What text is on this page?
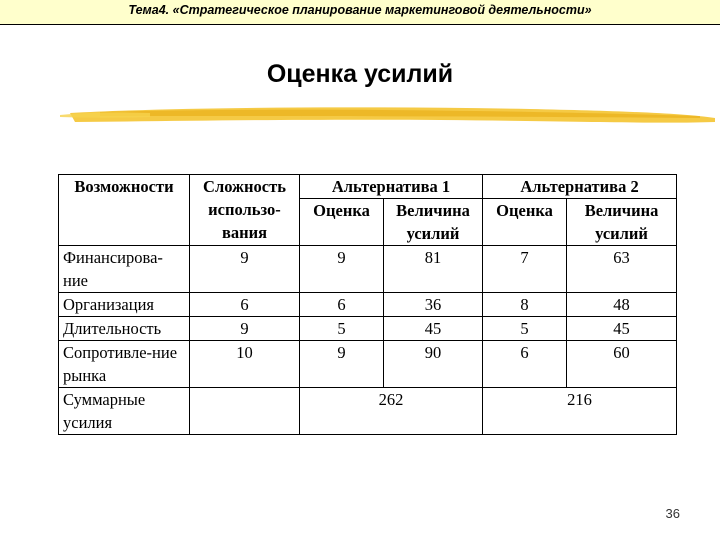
Тема4. «Стратегическое планирование маркетинговой деятельности»
Оценка усилий
Возможности	Сложность использо-вания	Альтернатива 1		Альтернатива 2	
		Оценка	Величина усилий	Оценка	Величина усилий
Финансирова-ние	9	9	81	7	63
Организация	6	6	36	8	48
Длительность	9	5	45	5	45
Сопротивле-ние рынка	10	9	90	6	60
Суммарные усилия		262		216	
36
